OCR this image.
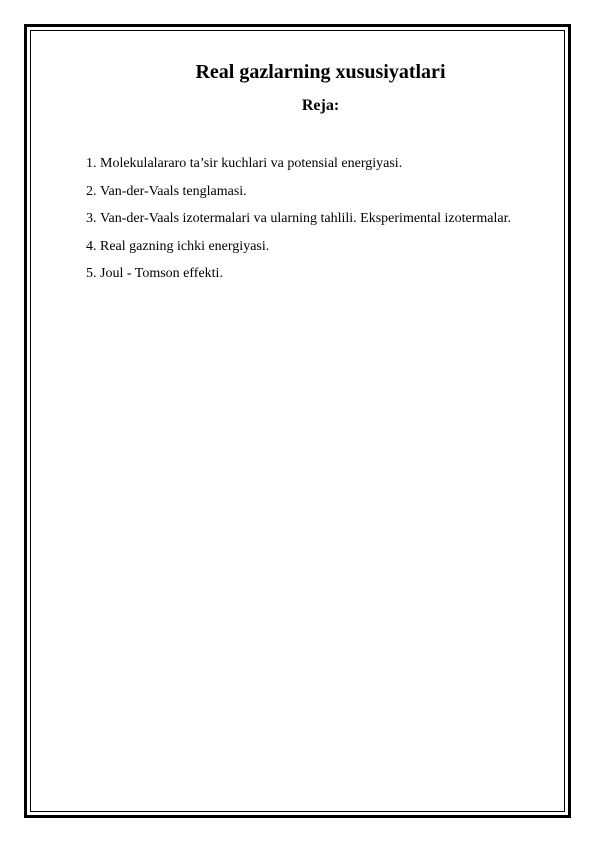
Real gazlarning xususiyatlari
Reja:
1. Molekulalararo ta’sir kuchlari va potensial energiyasi.
2. Van-der-Vaals tenglamasi.
3. Van-der-Vaals izotermalari va ularning tahlili. Eksperimental izotermalar.
4. Real gazning ichki energiyasi.
5. Joul - Tomson effekti.
